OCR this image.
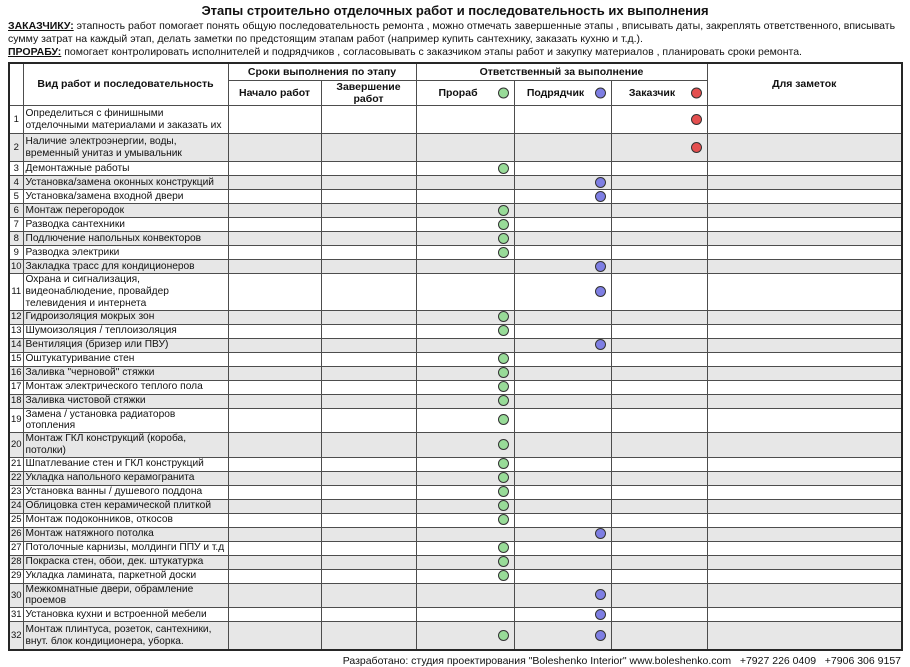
Этапы строительно отделочных работ и последовательность их выполнения
ЗАКАЗЧИКУ: этапность работ помогает понять общую последовательность ремонта , можно отмечать завершенные этапы , вписывать даты, закреплять ответственного, вписывать сумму затрат на каждый этап, делать заметки по предстоящим этапам работ (например купить сантехнику, заказать кухню и т.д.).
ПРОРАБУ: помогает контролировать исполнителей и подрядчиков , согласовывать с заказчиком этапы работ и закупку материалов , планировать сроки ремонта.
	Вид работ и последовательность	Сроки выполнения по этапу		Ответственный за выполнение			Для заметок
		Начало работ	Завершение работ	Прораб	Подрядчик	Заказчик	

1	Определиться с финишными отделочными материалами и заказать их						
2	Наличие электроэнергии, воды, временный унитаз и умывальник						
3	Демонтажные работы						
4	Установка/замена оконных конструкций						
5	Установка/замена входной двери						
6	Монтаж перегородок						
7	Разводка сантехники						
8	Подлючение напольных конвекторов						
9	Разводка электрики						
10	Закладка трасс для кондиционеров						
11	Охрана и сигнализация, видеонаблюдение, провайдер телевидения и интернета						
12	Гидроизоляция мокрых зон						
13	Шумоизоляция / теплоизоляция						
14	Вентиляция (бризер или ПВУ)						
15	Оштукатуривание стен						
16	Заливка "черновой" стяжки						
17	Монтаж электрического теплого пола						
18	Заливка чистовой стяжки						
19	Замена / установка радиаторов отопления						
20	Монтаж ГКЛ конструкций (короба, потолки)						
21	Шпатлевание стен и ГКЛ конструкций						
22	Укладка напольного керамогранита						
23	Установка ванны / душевого поддона						
24	Облицовка стен керамической плиткой						
25	Монтаж подоконников, откосов						
26	Монтаж натяжного потолка						
27	Потолочные карнизы, молдинги ППУ и т.д						
28	Покраска стен, обои, дек. штукатурка						
29	Укладка ламината, паркетной доски						
30	Межкомнатные двери, обрамление проемов						
31	Установка кухни и встроенной мебели						
32	Монтаж плинтуса, розеток, сантехники, внут. блок кондиционера, уборка.						
Разработано: студия проектирования "Boleshenko Interior" www.boleshenko.com   +7927 226 0409   +7906 306 9157
